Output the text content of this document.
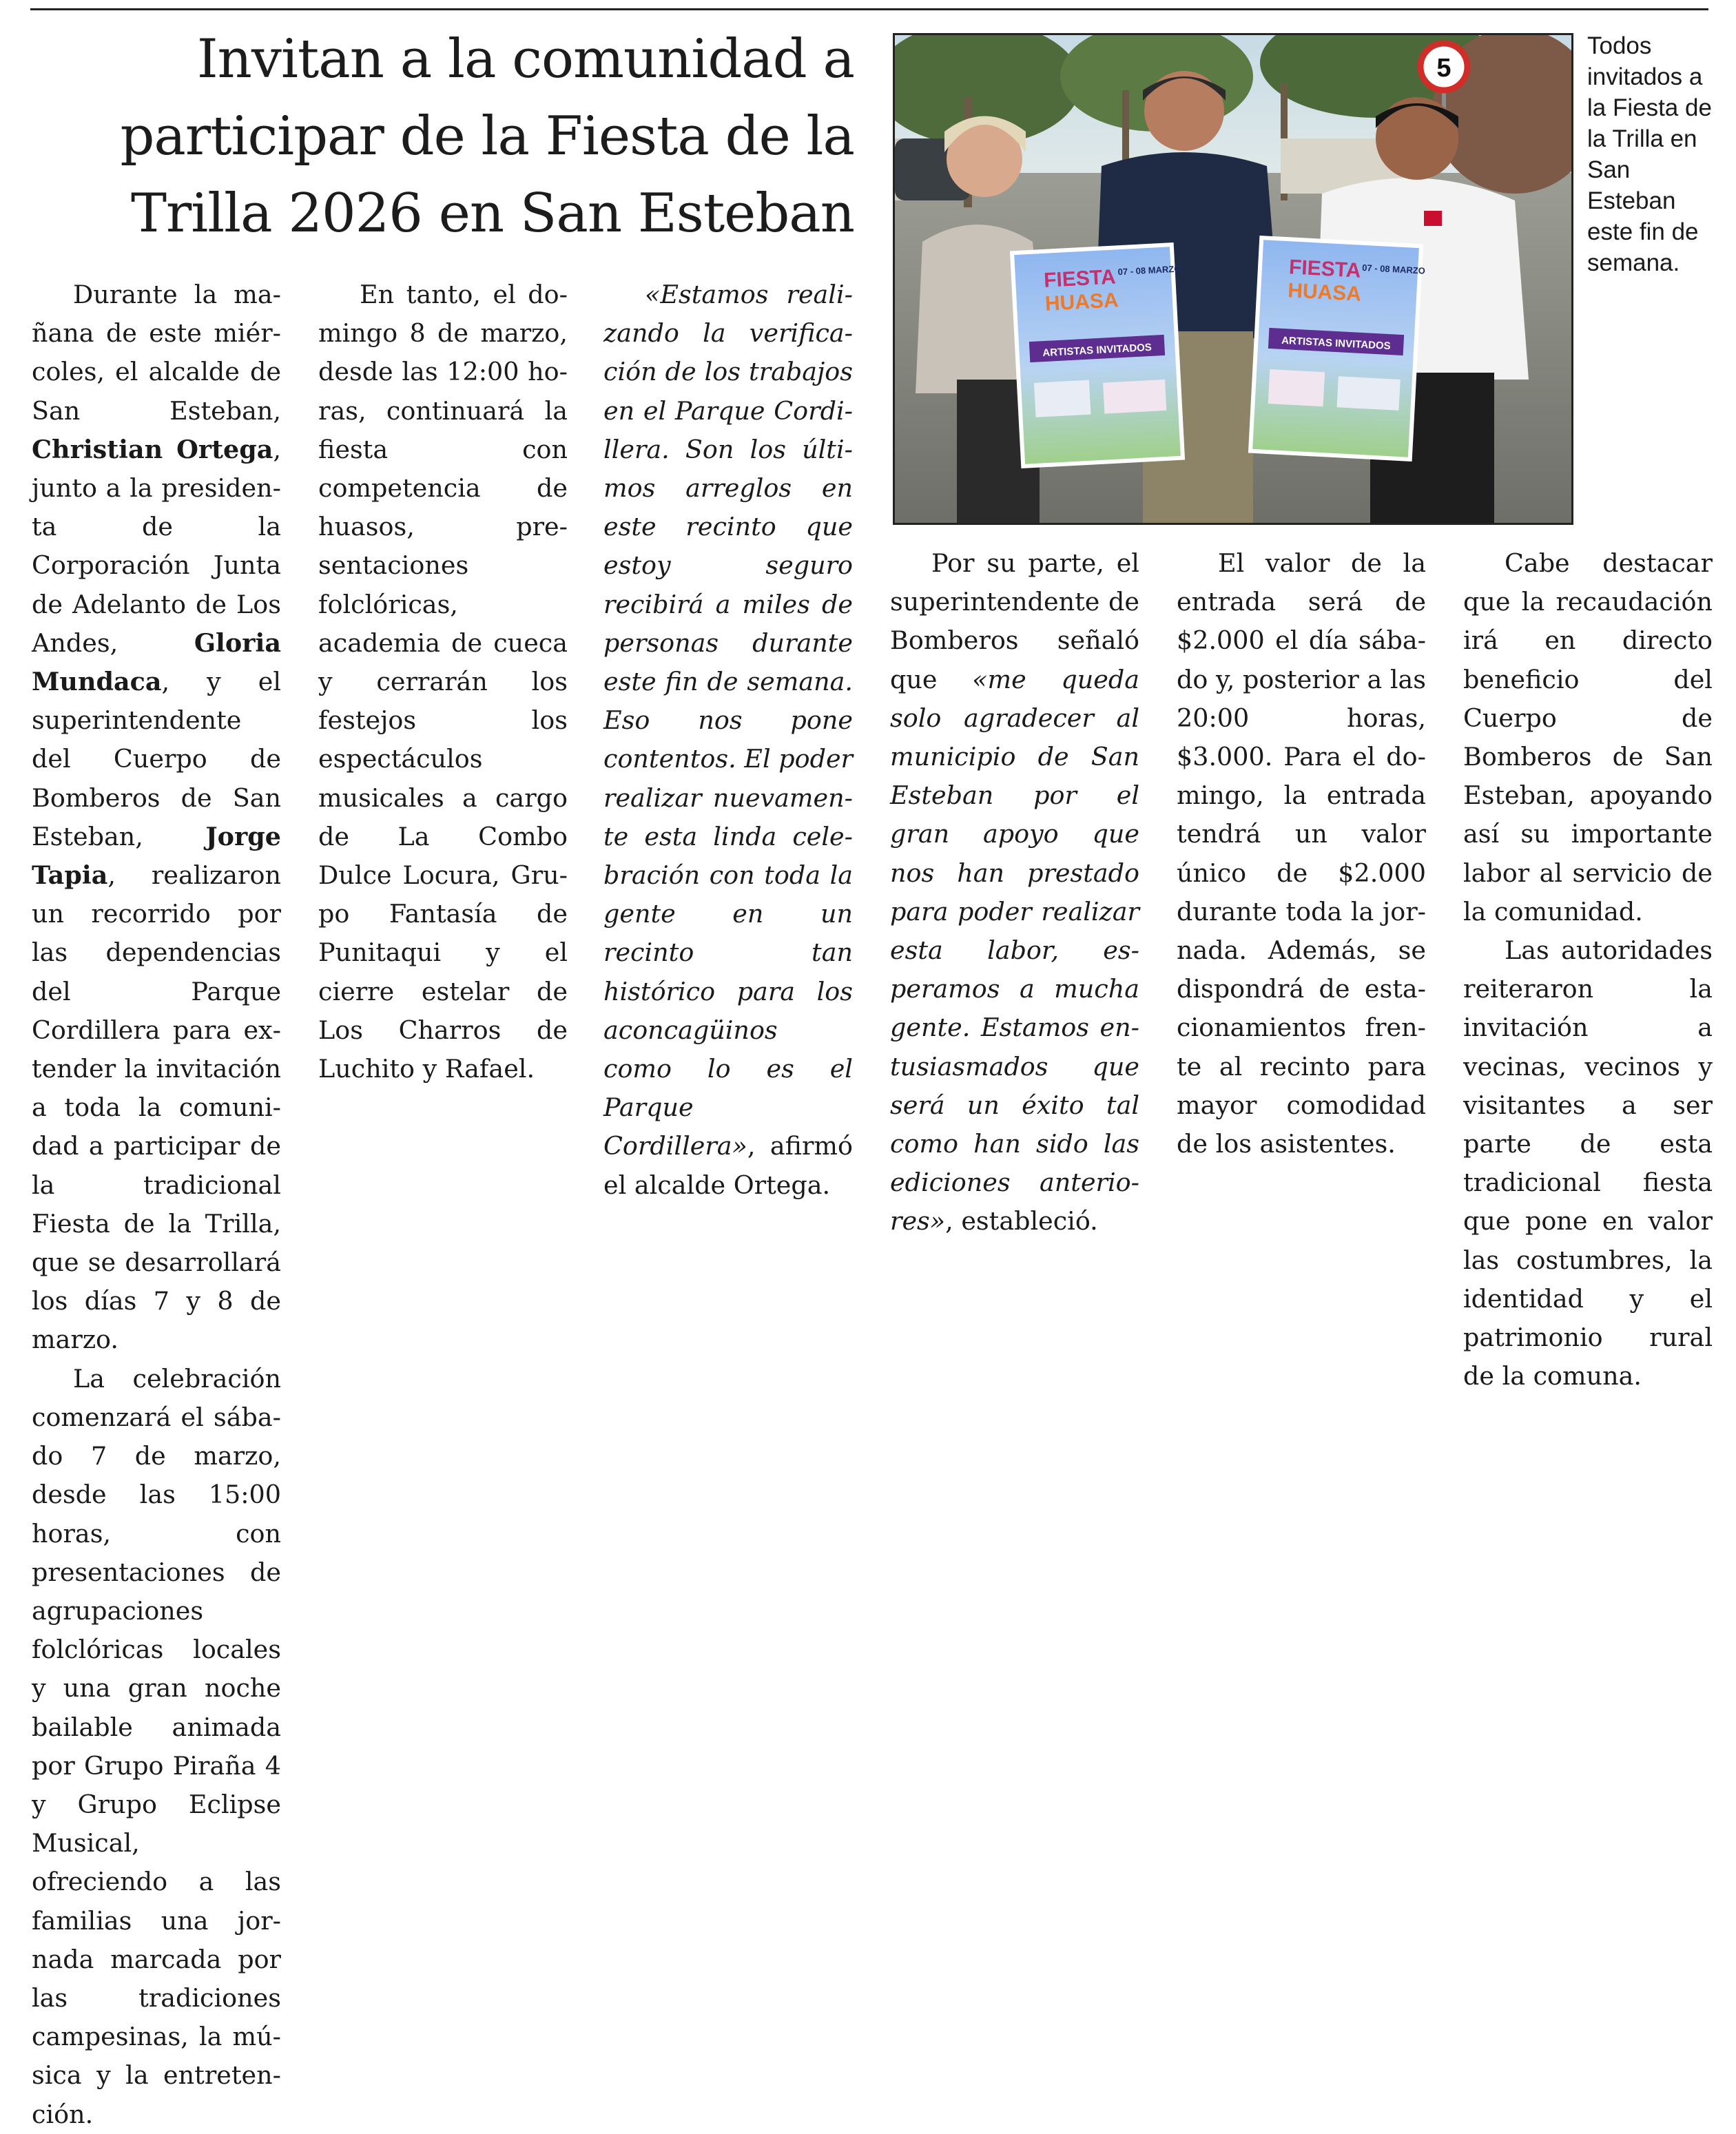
Invitan a la comunidad a participar de la Fiesta de la Trilla 2026 en San Esteban
5
FIESTA
HUASA
07 - 08 MARZO
ARTISTAS INVITADOS
FIESTA
HUASA
07 - 08 MARZO
ARTISTAS INVITADOS

Todos invitados a la Fiesta de la Trilla en San Esteban este fin de semana.

Durante la mañana de este miércoles, el alcalde de San Esteban, Christian Ortega, junto a la presidenta de la Corporación Junta de Adelanto de Los Andes, Gloria Mundaca, y el superintendente del Cuerpo de Bomberos de San Esteban, Jorge Tapia, realizaron un recorrido por las dependencias del Parque Cordillera para extender la invitación a toda la comunidad a participar de la tradicional Fiesta de la Trilla, que se desarrollará los días 7 y 8 de marzo.

La celebración comenzará el sábado 7 de marzo, desde las 15:00 horas, con presentaciones de agrupaciones folclóricas locales y una gran noche bailable animada por Grupo Piraña 4 y Grupo Eclipse Musical, ofreciendo a las familias una jornada marcada por las tradiciones campesinas, la música y la entretención.

En tanto, el domingo 8 de marzo, desde las 12:00 horas, continuará la fiesta con competencia de huasos, presentaciones folclóricas, academia de cueca y cerrarán los festejos los espectáculos musicales a cargo de La Combo Dulce Locura, Grupo Fantasía de Punitaqui y el cierre estelar de Los Charros de Luchito y Rafael.

«Estamos realizando la verificación de los trabajos en el Parque Cordillera. Son los últimos arreglos en este recinto que estoy seguro recibirá a miles de personas durante este fin de semana. Eso nos pone contentos. El poder realizar nuevamente esta linda celebración con toda la gente en un recinto tan histórico para los aconcagüinos como lo es el Parque Cordillera», afirmó el alcalde Ortega.

Por su parte, el superintendente de Bomberos señaló que «me queda solo agradecer al municipio de San Esteban por el gran apoyo que nos han prestado para poder realizar esta labor, esperamos a mucha gente. Estamos entusiasmados que será un éxito tal como han sido las ediciones anteriores», estableció.

El valor de la entrada será de $2.000 el día sábado y, posterior a las 20:00 horas, $3.000. Para el domingo, la entrada tendrá un valor único de $2.000 durante toda la jornada. Además, se dispondrá de estacionamientos frente al recinto para mayor comodidad de los asistentes.

Cabe destacar que la recaudación irá en directo beneficio del Cuerpo de Bomberos de San Esteban, apoyando así su importante labor al servicio de la comunidad.

Las autoridades reiteraron la invitación a vecinas, vecinos y visitantes a ser parte de esta tradicional fiesta que pone en valor las costumbres, la identidad y el patrimonio rural de la comuna.
